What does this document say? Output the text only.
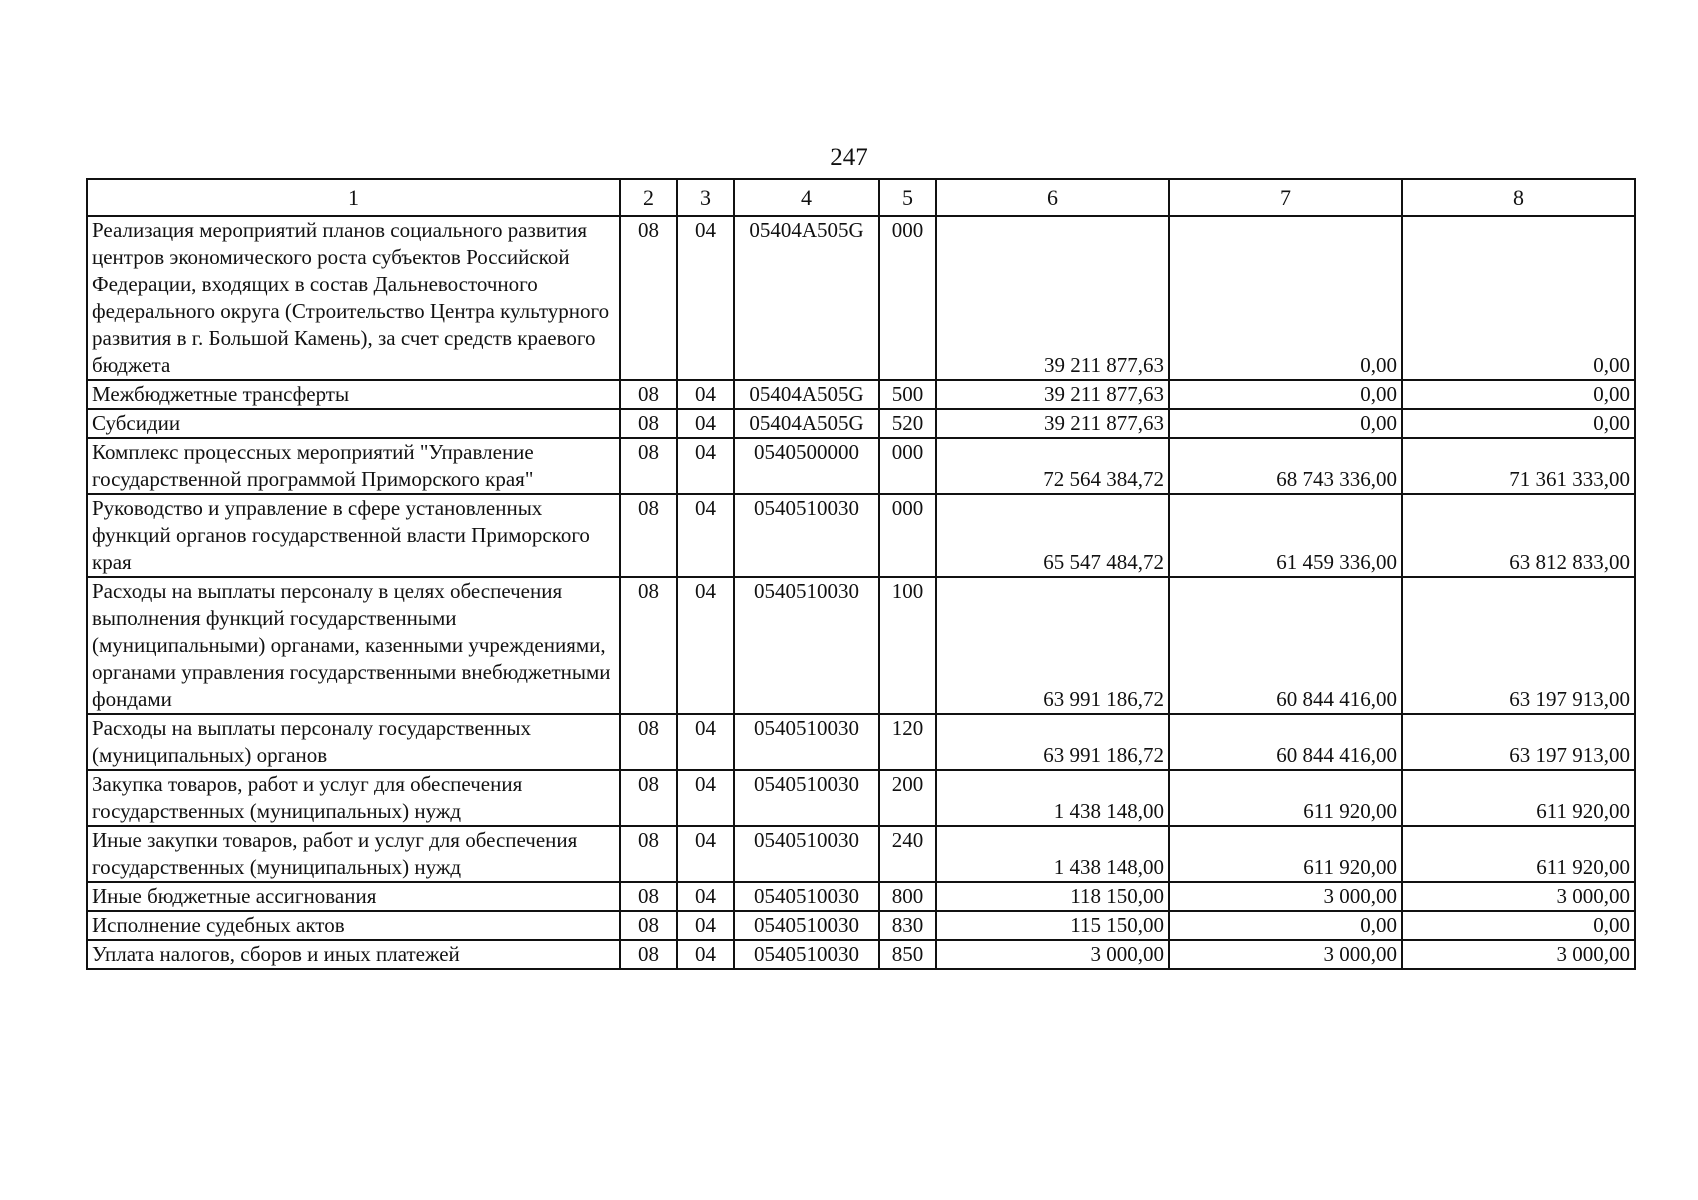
247
1	2	3	4	5	6	7	8
Реализация мероприятий планов социального развития центров экономического роста субъектов Российской Федерации, входящих в состав Дальневосточного федерального округа (Строительство Центра культурного развития в г. Большой Камень), за счет средств краевого бюджета	08	04	05404A505G	000	39 211 877,63	0,00	0,00
Межбюджетные трансферты	08	04	05404A505G	500	39 211 877,63	0,00	0,00
Субсидии	08	04	05404A505G	520	39 211 877,63	0,00	0,00
Комплекс процессных мероприятий "Управление государственной программой Приморского края"	08	04	0540500000	000	72 564 384,72	68 743 336,00	71 361 333,00
Руководство и управление в сфере установленных функций органов государственной власти Приморского края	08	04	0540510030	000	65 547 484,72	61 459 336,00	63 812 833,00
Расходы на выплаты персоналу в целях обеспечения выполнения функций государственными (муниципальными) органами, казенными учреждениями, органами управления государственными внебюджетными фондами	08	04	0540510030	100	63 991 186,72	60 844 416,00	63 197 913,00
Расходы на выплаты персоналу государственных (муниципальных) органов	08	04	0540510030	120	63 991 186,72	60 844 416,00	63 197 913,00
Закупка товаров, работ и услуг для обеспечения государственных (муниципальных) нужд	08	04	0540510030	200	1 438 148,00	611 920,00	611 920,00
Иные закупки товаров, работ и услуг для обеспечения государственных (муниципальных) нужд	08	04	0540510030	240	1 438 148,00	611 920,00	611 920,00
Иные бюджетные ассигнования	08	04	0540510030	800	118 150,00	3 000,00	3 000,00
Исполнение судебных актов	08	04	0540510030	830	115 150,00	0,00	0,00
Уплата налогов, сборов и иных платежей	08	04	0540510030	850	3 000,00	3 000,00	3 000,00
